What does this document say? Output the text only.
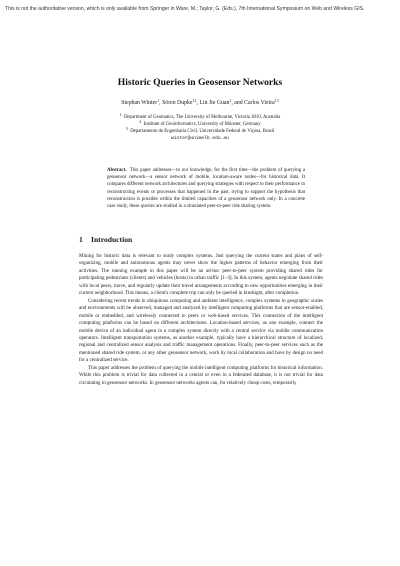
This is not the authoritative version, which is only available from Springer in Ware, M.; Taylor, G. (Eds.), 7th International Symposium on Web and Wireless GIS.
Historic Queries in Geosensor Networks
Stephan Winter$^1$, Sören Dupke$^{12}$, Lin Jie Guan$^1$, and Carlos Vieira$^{13}$
$^1$  Department of Geomatics, The University of Melbourne, Victoria 3010, Australia
$^2$  Institute of Geoinformatics, University of Münster, Germany
$^3$  Departamento de Engenharia Civil, Universidade Federal de Viçosa, Brasil
winter@unimelb.edu.au
Abstract. This paper addresses—to our knowledge, for the first time—the problem of querying a geosensor network—a sensor network of mobile, location-aware nodes—for historical data. It compares different network architectures and querying strategies with respect to their performance in reconstructing events or processes that happened in the past, trying to support the hypothesis that reconstruction is possible within the limited capacities of a geosensor network only. In a concrete case study, these queries are studied in a simulated peer-to-peer ride sharing system.
1 Introduction

Mining for historic data is relevant to study complex systems. Just querying the current states and plans of self-organizing, mobile and autonomous agents may never show the higher patterns of behavior emerging from their activities. The running example in this paper will be an ad-hoc peer-to-peer system providing shared rides for participating pedestrians (clients) and vehicles (hosts) in urban traffic [1–3]. In this system, agents negotiate shared rides with local peers, move, and regularly update their travel arrangements according to new opportunities emerging in their current neighborhood. This means, a client's complete trip can only be queried in hindsight, after completion.

Considering recent trends in ubiquitous computing and ambient intelligence, complex systems in geographic scales and environments will be observed, managed and analyzed by intelligent computing platforms that are sensor-enabled, mobile or embedded, and wirelessly connected to peers or web-based services. This connection of the intelligent computing platforms can be based on different architectures. Location-based services, as one example, connect the mobile device of an individual agent in a complex system directly with a central service via mobile communication operators. Intelligent transportation systems, as another example, typically have a hierarchical structure of localized, regional and centralized sensor analysis and traffic management operations. Finally, peer-to-peer services such as the mentioned shared ride system, or any other geosensor network, work by local collaboration and have by design no need for a centralized service.

This paper addresses the problem of querying the mobile intelligent computing platforms for historical information. While this problem is trivial for data collected in a central or even in a federated database, it is not trivial for data circulating in geosensor networks. In geosensor networks agents can, for relatively cheap costs, temporarily
